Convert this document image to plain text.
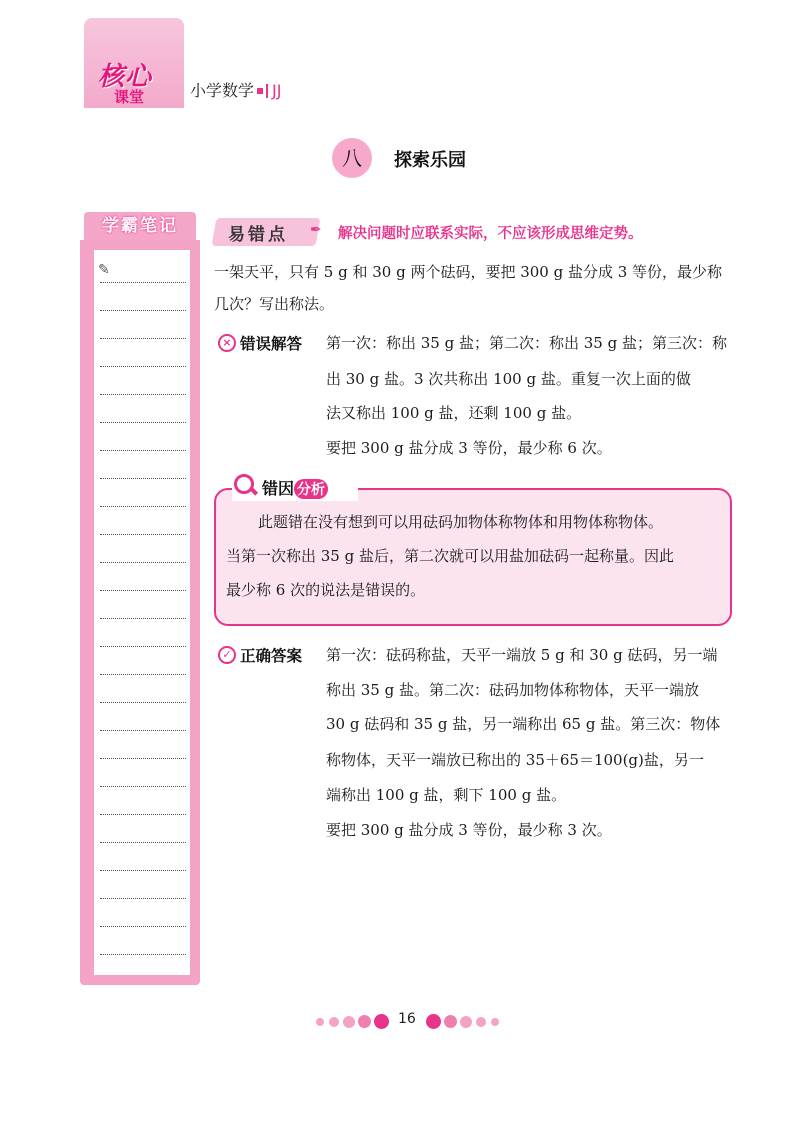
核心
课堂	小学数学 JJ
八	探索乐园
学霸笔记
✎
易错点 ✒ 解决问题时应联系实际，不应该形成思维定势。
一架天平，只有 5 g 和 30 g 两个砝码，要把 300 g 盐分成 3 等份，最少称
几次？写出称法。
× 错误解答 第一次：称出 35 g 盐；第二次：称出 35 g 盐；第三次：称
出 30 g 盐。3 次共称出 100 g 盐。重复一次上面的做
法又称出 100 g 盐，还剩 100 g 盐。
要把 300 g 盐分成 3 等份，最少称 6 次。
错因 分析
此题错在没有想到可以用砝码加物体称物体和用物体称物体。
当第一次称出 35 g 盐后，第二次就可以用盐加砝码一起称量。因此
最少称 6 次的说法是错误的。
✓ 正确答案 第一次：砝码称盐，天平一端放 5 g 和 30 g 砝码，另一端
称出 35 g 盐。第二次：砝码加物体称物体，天平一端放
30 g 砝码和 35 g 盐，另一端称出 65 g 盐。第三次：物体
称物体，天平一端放已称出的 35＋65＝100(g)盐，另一
端称出 100 g 盐，剩下 100 g 盐。
要把 300 g 盐分成 3 等份，最少称 3 次。
16
